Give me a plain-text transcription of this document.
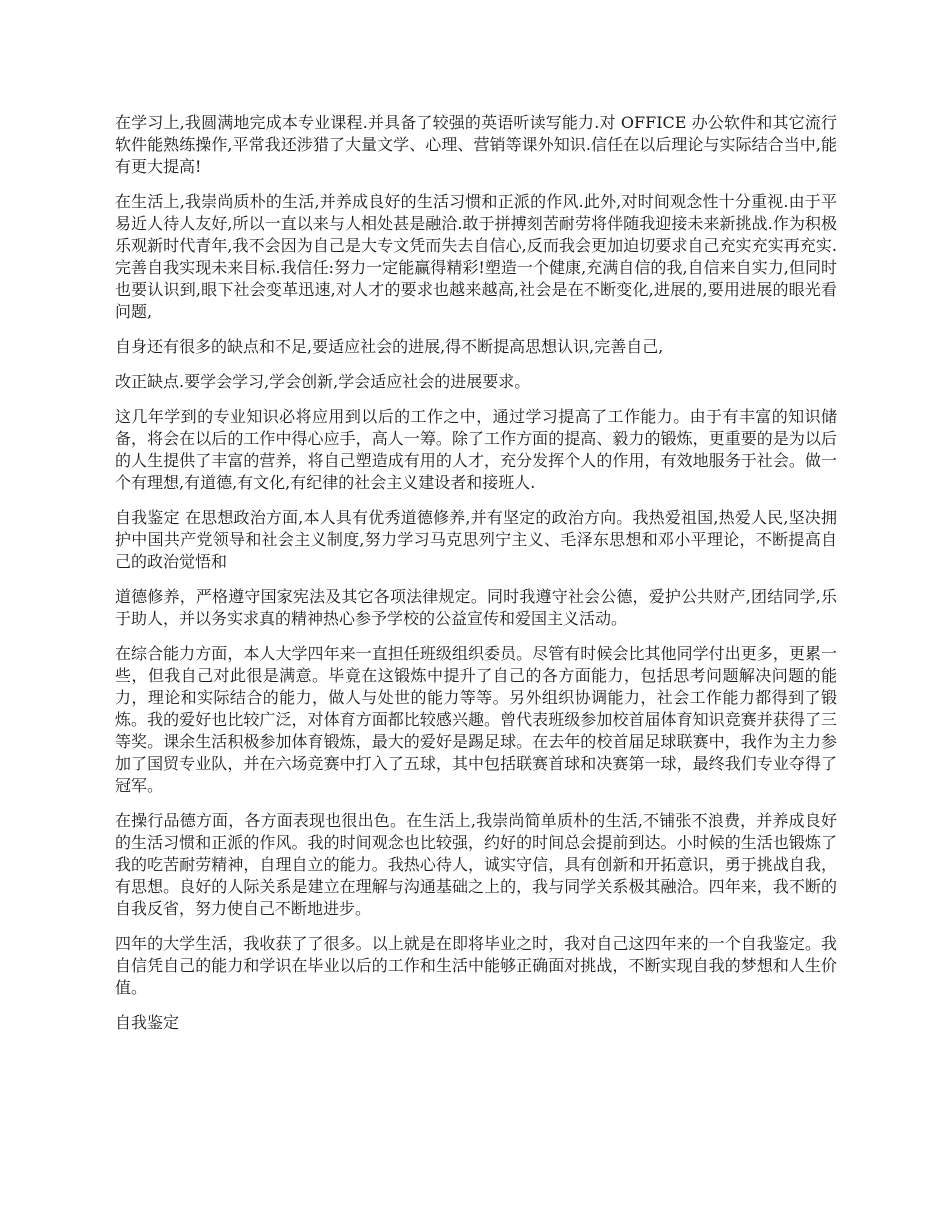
在学习上,我圆满地完成本专业课程.并具备了较强的英语听读写能力.对 OFFICE 办公软件和其它流行软件能熟练操作,平常我还涉猎了大量文学、心理、营销等课外知识.信任在以后理论与实际结合当中,能有更大提高!

在生活上,我崇尚质朴的生活,并养成良好的生活习惯和正派的作风.此外,对时间观念性十分重视.由于平易近人待人友好,所以一直以来与人相处甚是融洽.敢于拼搏刻苦耐劳将伴随我迎接未来新挑战.作为积极乐观新时代青年,我不会因为自己是大专文凭而失去自信心,反而我会更加迫切要求自己充实充实再充实.完善自我实现未来目标.我信任:努力一定能赢得精彩!塑造一个健康,充满自信的我,自信来自实力,但同时也要认识到,眼下社会变革迅速,对人才的要求也越来越高,社会是在不断变化,进展的,要用进展的眼光看问题,

自身还有很多的缺点和不足,要适应社会的进展,得不断提高思想认识,完善自己,

改正缺点.要学会学习,学会创新,学会适应社会的进展要求。

这几年学到的专业知识必将应用到以后的工作之中，通过学习提高了工作能力。由于有丰富的知识储备，将会在以后的工作中得心应手，高人一筹。除了工作方面的提高、毅力的锻炼，更重要的是为以后的人生提供了丰富的营养，将自己塑造成有用的人才，充分发挥个人的作用，有效地服务于社会。做一个有理想,有道德,有文化,有纪律的社会主义建设者和接班人.

自我鉴定 在思想政治方面,本人具有优秀道德修养,并有坚定的政治方向。我热爱祖国,热爱人民,坚决拥护中国共产党领导和社会主义制度,努力学习马克思列宁主义、毛泽东思想和邓小平理论，不断提高自己的政治觉悟和

道德修养，严格遵守国家宪法及其它各项法律规定。同时我遵守社会公德，爱护公共财产,团结同学,乐于助人，并以务实求真的精神热心参予学校的公益宣传和爱国主义活动。

在综合能力方面，本人大学四年来一直担任班级组织委员。尽管有时候会比其他同学付出更多，更累一些，但我自己对此很是满意。毕竟在这锻炼中提升了自己的各方面能力，包括思考问题解决问题的能力，理论和实际结合的能力，做人与处世的能力等等。另外组织协调能力，社会工作能力都得到了锻炼。我的爱好也比较广泛，对体育方面都比较感兴趣。曾代表班级参加校首届体育知识竞赛并获得了三等奖。课余生活积极参加体育锻炼，最大的爱好是踢足球。在去年的校首届足球联赛中，我作为主力参加了国贸专业队，并在六场竞赛中打入了五球，其中包括联赛首球和决赛第一球，最终我们专业夺得了冠军。

在操行品德方面，各方面表现也很出色。在生活上,我崇尚简单质朴的生活,不铺张不浪费，并养成良好的生活习惯和正派的作风。我的时间观念也比较强，约好的时间总会提前到达。小时候的生活也锻炼了我的吃苦耐劳精神，自理自立的能力。我热心待人，诚实守信，具有创新和开拓意识，勇于挑战自我，有思想。良好的人际关系是建立在理解与沟通基础之上的，我与同学关系极其融洽。四年来，我不断的自我反省，努力使自己不断地进步。

四年的大学生活，我收获了了很多。以上就是在即将毕业之时，我对自己这四年来的一个自我鉴定。我自信凭自己的能力和学识在毕业以后的工作和生活中能够正确面对挑战，不断实现自我的梦想和人生价值。

自我鉴定
